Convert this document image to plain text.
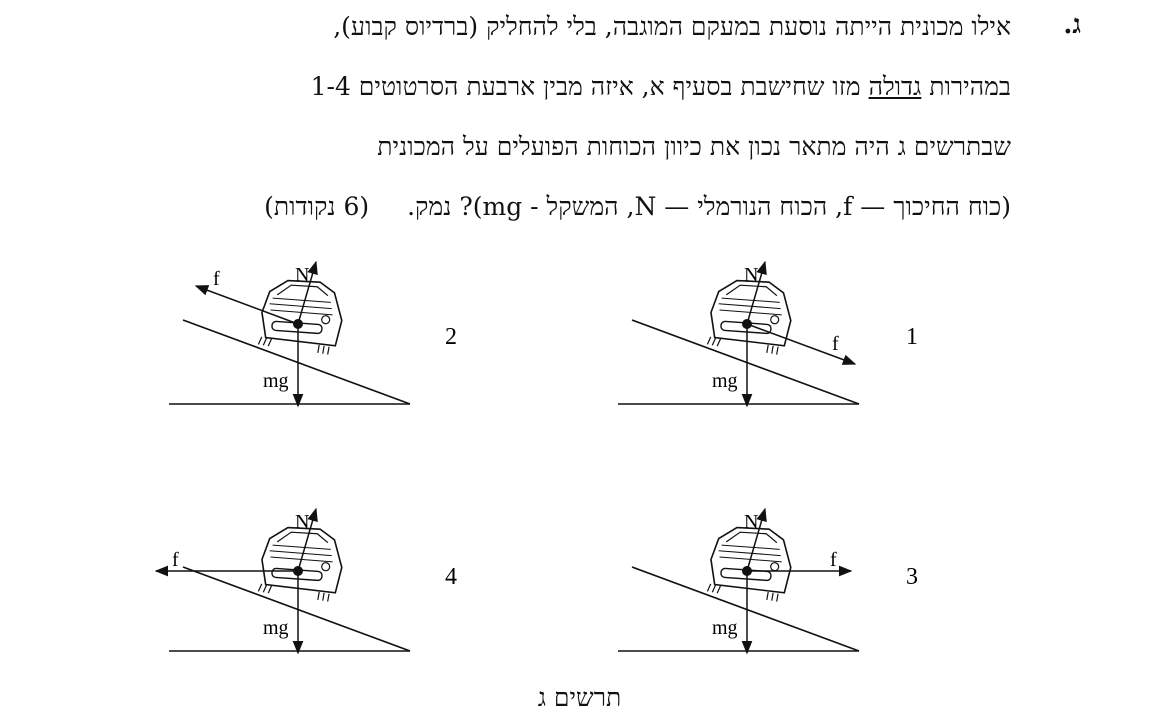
ג.
אילו מכונית הייתה נוסעת במעקם המוגבה, בלי להחליק (ברדיוס קבוע),
במהירות גדולה מזו שחישבת בסעיף א, איזה מבין ארבעת הסרטוטים 1-4
שבתרשים ג היה מתאר נכון את כיוון הכוחות הפועלים על המכונית
(כוח החיכוך — f, הכוח הנורמלי — N, המשקל - mg)? נמק.(6 נקודות)
N
f
mg
1
N
f
mg
2
N
f
mg
3
N
f
mg
4
תרשים ג
